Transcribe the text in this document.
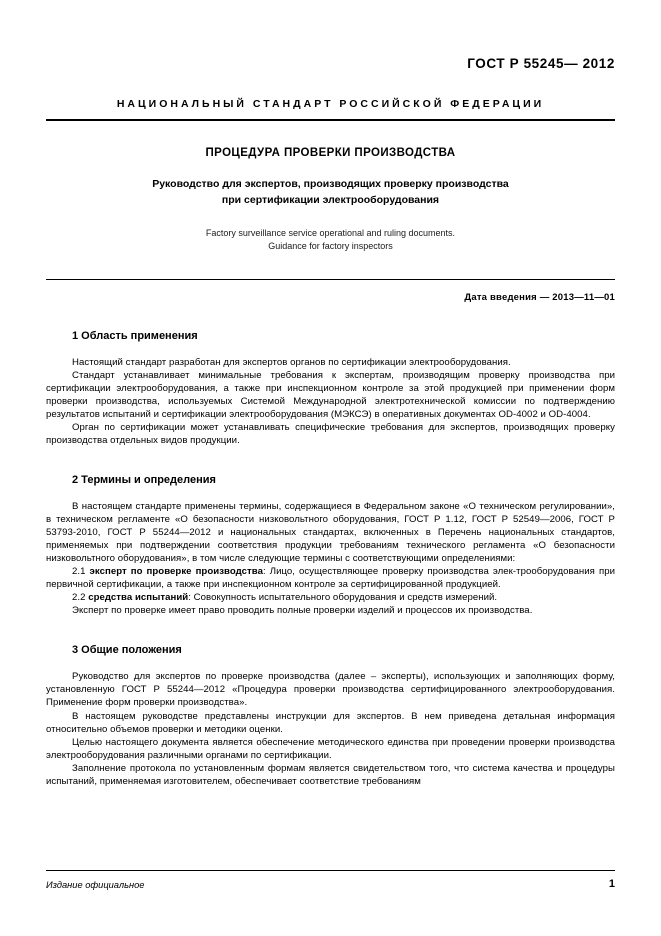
ГОСТ Р 55245— 2012
НАЦИОНАЛЬНЫЙ СТАНДАРТ РОССИЙСКОЙ ФЕДЕРАЦИИ
ПРОЦЕДУРА ПРОВЕРКИ ПРОИЗВОДСТВА
Руководство для экспертов, производящих проверку производства
при сертификации электрооборудования
Factory surveillance service operational and ruling documents.
Guidance for factory inspectors
Дата введения — 2013—11—01
1 Область применения

Настоящий стандарт разработан для экспертов органов по сертификации электрооборудования.

Стандарт устанавливает минимальные требования к экспертам, производящим проверку производства при сертификации электрооборудования, а также при инспекционном контроле за этой продукцией при применении форм проверки производства, используемых Системой Международной электротехнической комиссии по подтверждению результатов испытаний и сертификации электрооборудования (МЭКСЭ) в оперативных документах OD-4002 и OD-4004.

Орган по сертификации может устанавливать специфические требования для экспертов, производящих проверку производства отдельных видов продукции.

2 Термины и определения

В настоящем стандарте применены термины, содержащиеся в Федеральном законе «О техническом регулировании», в техническом регламенте «О безопасности низковольтного оборудования, ГОСТ Р 1.12, ГОСТ Р 52549—2006, ГОСТ Р 53793-2010, ГОСТ Р 55244—2012 и национальных стандартах, включенных в Перечень национальных стандартов, применяемых при подтверждении соответствия продукции требованиям технического регламента «О безопасности низковольтного оборудования», в том числе следующие термины с соответствующими определениями:

2.1 эксперт по проверке производства: Лицо, осуществляющее проверку производства элек-трооборудования при первичной сертификации, а также при инспекционном контроле за сертифицированной продукцией.

2.2 средства испытаний: Совокупность испытательного оборудования и средств измерений.

Эксперт по проверке имеет право проводить полные проверки изделий и процессов их производства.

3 Общие положения

Руководство для экспертов по проверке производства (далее – эксперты), использующих и заполняющих форму, установленную ГОСТ Р 55244—2012 «Процедура проверки производства сертифицированного электрооборудования. Применение форм проверки производства».

В настоящем руководстве представлены инструкции для экспертов. В нем приведена детальная информация относительно объемов проверки и методики оценки.

Целью настоящего документа является обеспечение методического единства при проведении проверки производства электрооборудования различными органами по сертификации.

Заполнение протокола по установленным формам является свидетельством того, что система качества и процедуры испытаний, применяемая изготовителем, обеспечивает соответствие требованиям

Издание официальное	1
